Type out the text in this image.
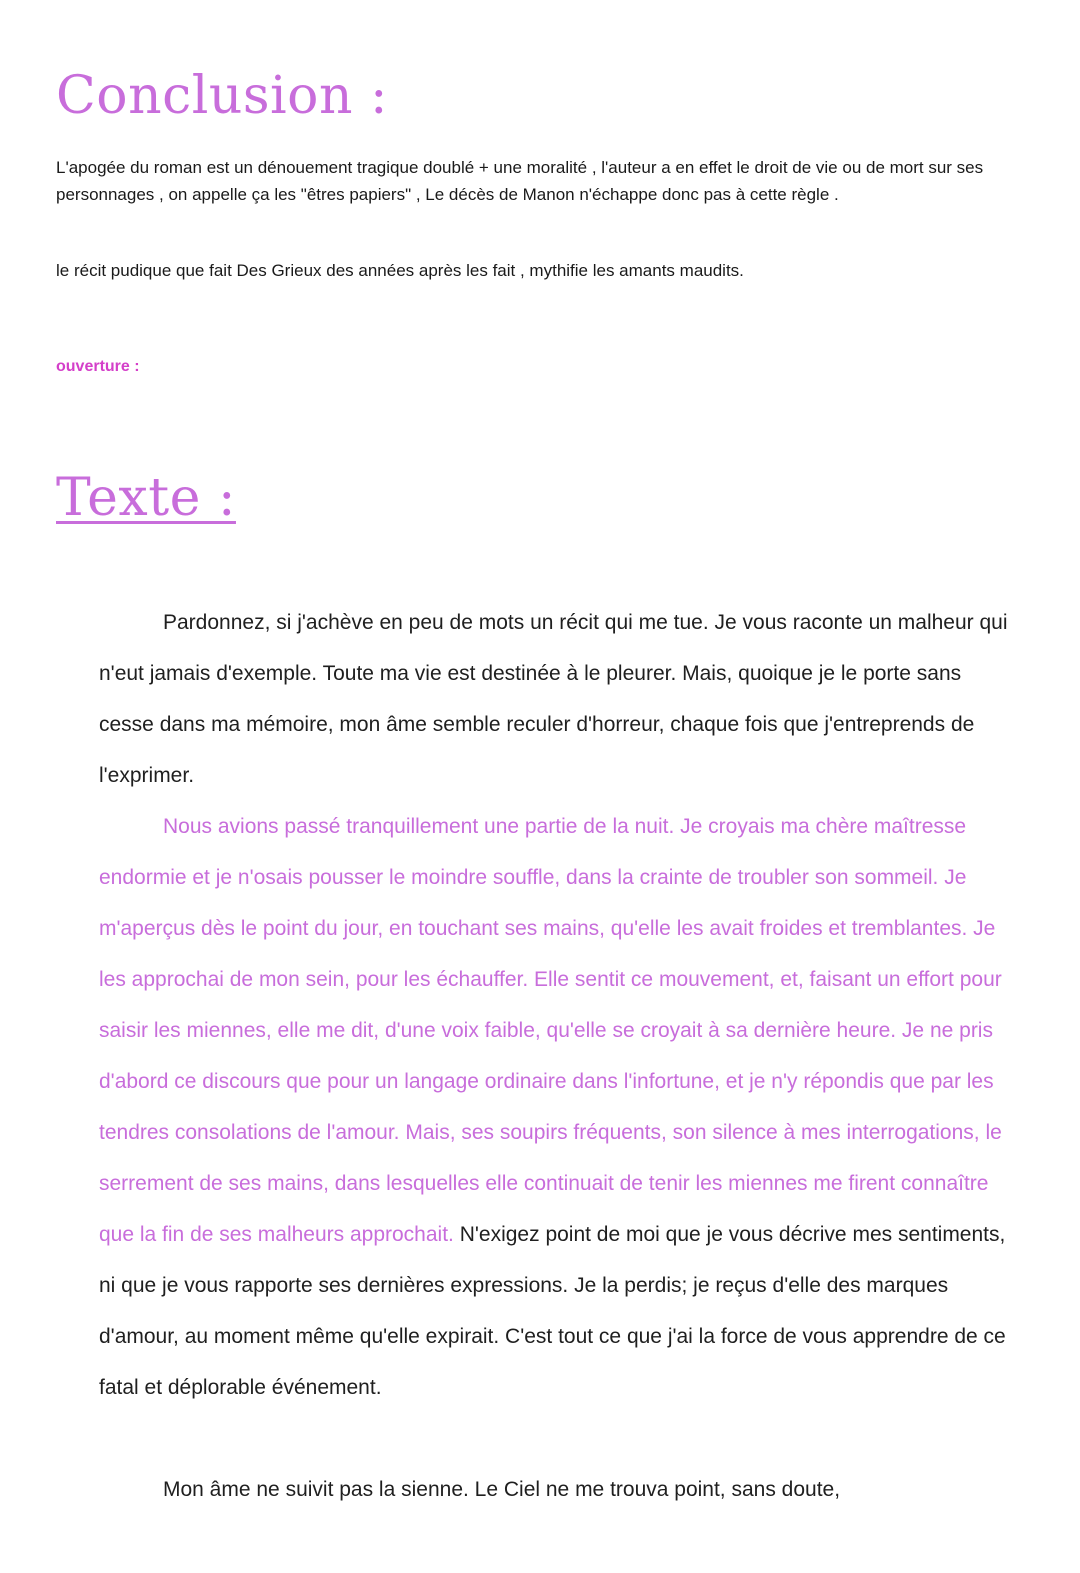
Conclusion :

L'apogée du roman est un dénouement tragique doublé + une moralité , l'auteur a en effet le droit de vie ou de mort sur ses personnages , on appelle ça les "êtres papiers" , Le décès de Manon n'échappe donc pas à cette règle .

le récit pudique que fait Des Grieux des années après les fait , mythifie les amants maudits.

ouverture :

Texte :

Pardonnez, si j'achève en peu de mots un récit qui me tue. Je vous raconte un malheur qui n'eut jamais d'exemple. Toute ma vie est destinée à le pleurer. Mais, quoique je le porte sans cesse dans ma mémoire, mon âme semble reculer d'horreur, chaque fois que j'entreprends de l'exprimer.

Nous avions passé tranquillement une partie de la nuit. Je croyais ma chère maîtresse endormie et je n'osais pousser le moindre souffle, dans la crainte de troubler son sommeil. Je m'aperçus dès le point du jour, en touchant ses mains, qu'elle les avait froides et tremblantes. Je les approchai de mon sein, pour les échauffer. Elle sentit ce mouvement, et, faisant un effort pour saisir les miennes, elle me dit, d'une voix faible, qu'elle se croyait à sa dernière heure. Je ne pris d'abord ce discours que pour un langage ordinaire dans l'infortune, et je n'y répondis que par les tendres consolations de l'amour. Mais, ses soupirs fréquents, son silence à mes interrogations, le serrement de ses mains, dans lesquelles elle continuait de tenir les miennes me firent connaître que la fin de ses malheurs approchait. N'exigez point de moi que je vous décrive mes sentiments, ni que je vous rapporte ses dernières expressions. Je la perdis; je reçus d'elle des marques d'amour, au moment même qu'elle expirait. C'est tout ce que j'ai la force de vous apprendre de ce fatal et déplorable événement.

Mon âme ne suivit pas la sienne. Le Ciel ne me trouva point, sans doute,
